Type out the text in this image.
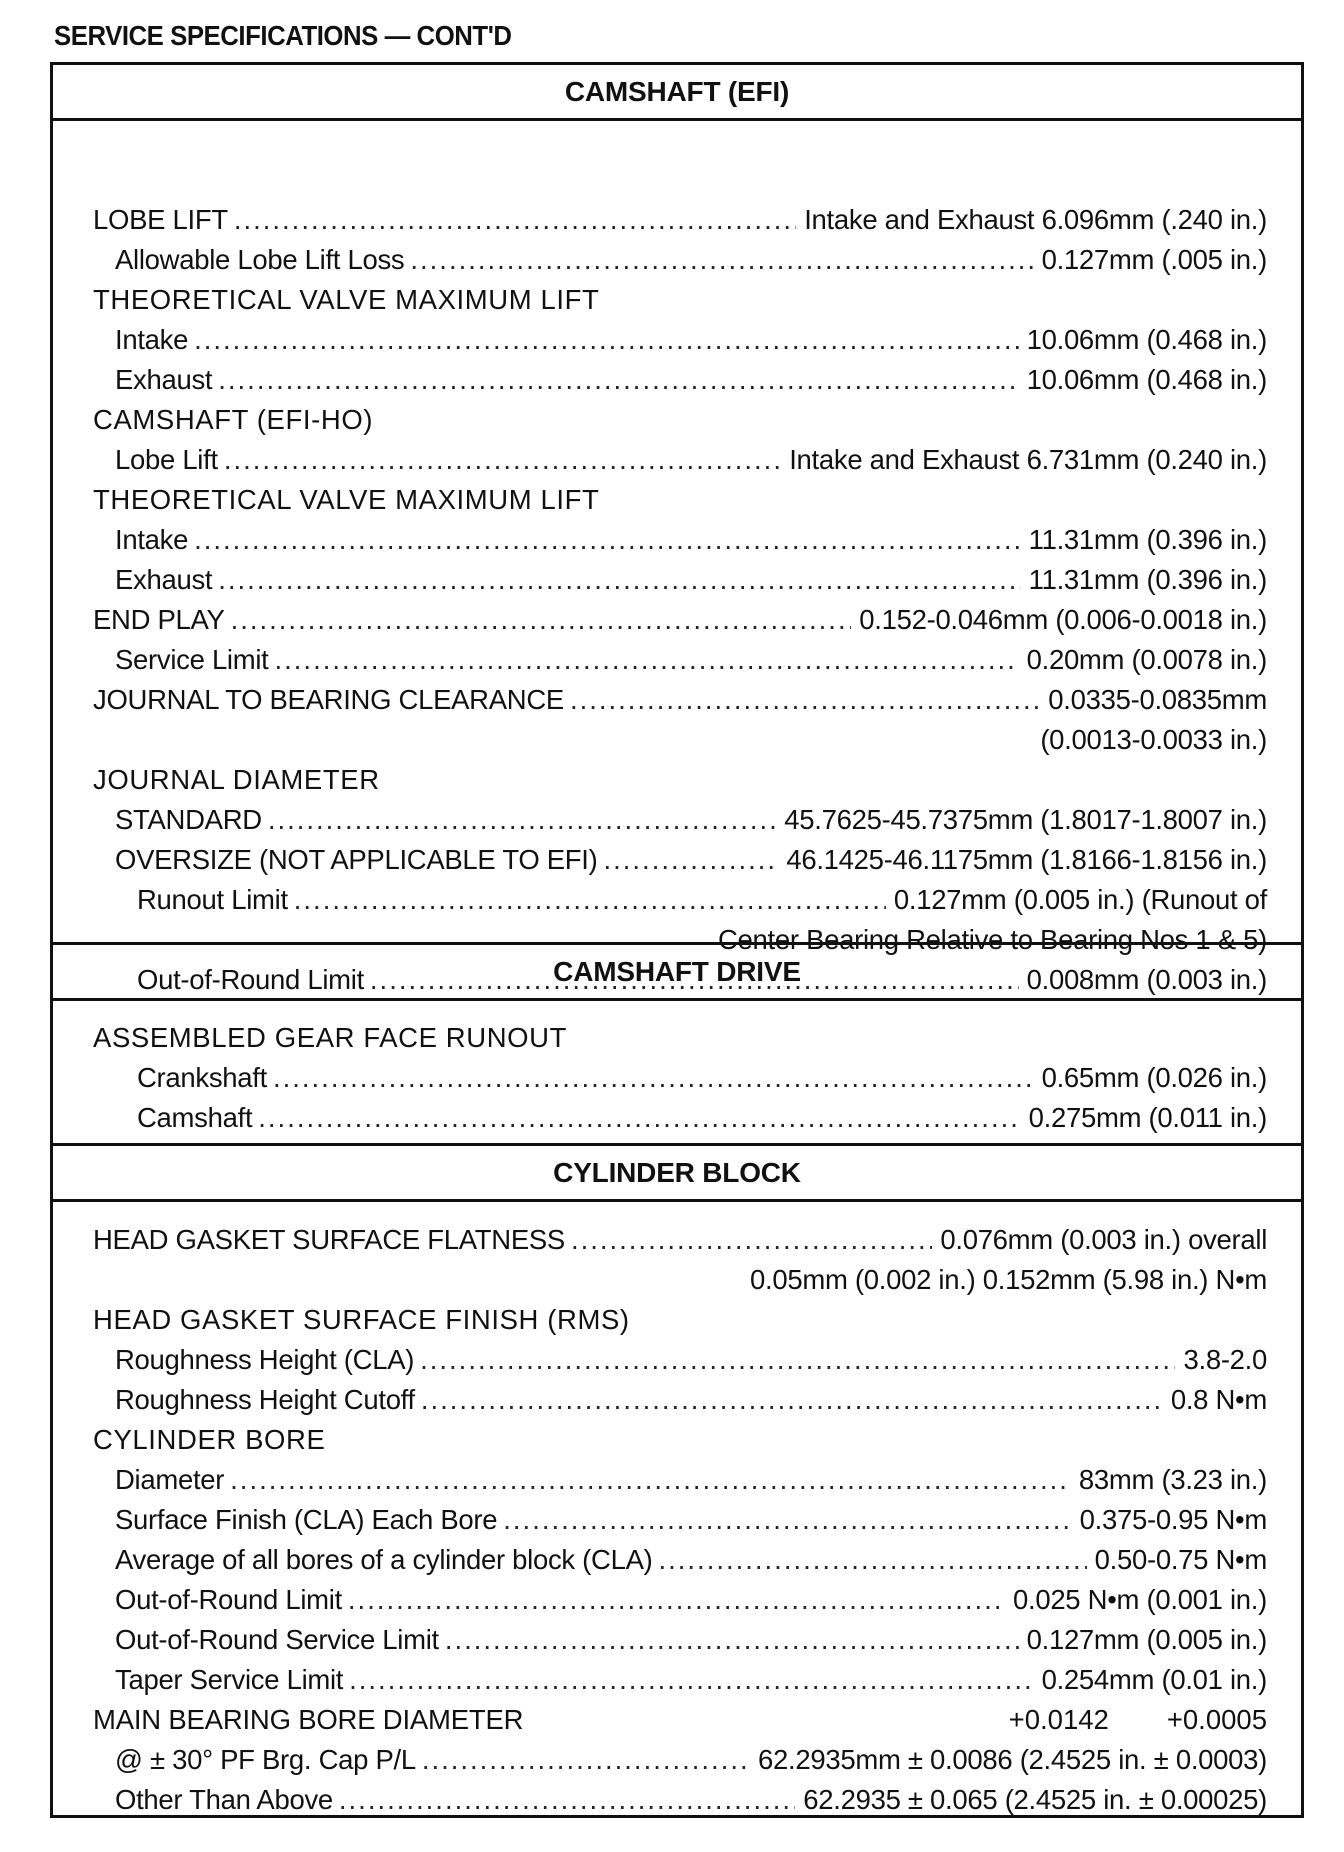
SERVICE SPECIFICATIONS — CONT'D
CAMSHAFT (EFI)
LOBE LIFT .....	Intake and Exhaust 6.096mm (.240 in.)
Allowable Lobe Lift Loss .....	0.127mm (.005 in.)
THEORETICAL VALVE MAXIMUM LIFT
Intake .....	10.06mm (0.468 in.)
Exhaust .....	10.06mm (0.468 in.)
CAMSHAFT (EFI-HO)
Lobe Lift .....	Intake and Exhaust 6.731mm (0.240 in.)
THEORETICAL VALVE MAXIMUM LIFT
Intake .....	11.31mm (0.396 in.)
Exhaust .....	11.31mm (0.396 in.)
END PLAY .....	0.152-0.046mm (0.006-0.0018 in.)
Service Limit .....	0.20mm (0.0078 in.)
JOURNAL TO BEARING CLEARANCE .....	0.0335-0.0835mm
(0.0013-0.0033 in.)
JOURNAL DIAMETER
STANDARD .....	45.7625-45.7375mm (1.8017-1.8007 in.)
OVERSIZE (NOT APPLICABLE TO EFI) .....	46.1425-46.1175mm (1.8166-1.8156 in.)
Runout Limit .....	0.127mm (0.005 in.) (Runout of
Center Bearing Relative to Bearing Nos 1 & 5)
Out-of-Round Limit .....	0.008mm (0.003 in.)
CAMSHAFT DRIVE
ASSEMBLED GEAR FACE RUNOUT
Crankshaft .....	0.65mm (0.026 in.)
Camshaft .....	0.275mm (0.011 in.)
CYLINDER BLOCK
HEAD GASKET SURFACE FLATNESS .....	0.076mm (0.003 in.) overall
0.05mm (0.002 in.) 0.152mm (5.98 in.) N•m
HEAD GASKET SURFACE FINISH (RMS)
Roughness Height (CLA) .....	3.8-2.0
Roughness Height Cutoff .....	0.8 N•m
CYLINDER BORE
Diameter .....	83mm (3.23 in.)
Surface Finish (CLA) Each Bore .....	0.375-0.95 N•m
Average of all bores of a cylinder block (CLA) .....	0.50-0.75 N•m
Out-of-Round Limit .....	0.025 N•m (0.001 in.)
Out-of-Round Service Limit .....	0.127mm (0.005 in.)
Taper Service Limit .....	0.254mm (0.01 in.)
MAIN BEARING BORE DIAMETER	+0.0142 +0.0005
@ ± 30° PF Brg. Cap P/L .....	62.2935mm ± 0.0086 (2.4525 in. ± 0.0003)
Other Than Above .....	62.2935 ± 0.065 (2.4525 in. ± 0.00025)
